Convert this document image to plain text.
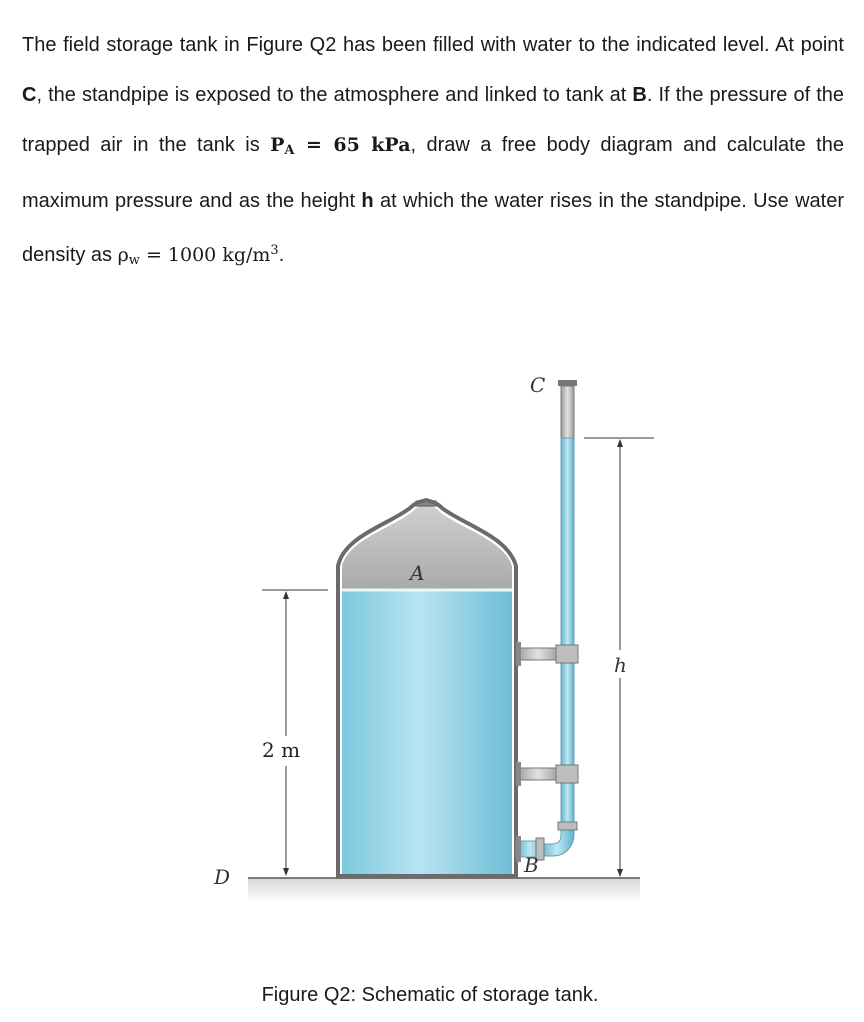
The field storage tank in Figure Q2 has been filled with water to the indicated level. At point C, the standpipe is exposed to the atmosphere and linked to tank at B. If the pressure of the trapped air in the tank is $P_A = 65$ kPa, draw a free body diagram and calculate the maximum pressure and as the height h at which the water rises in the standpipe. Use water density as $\rho_w = 1000$ $kg/m^3$.
2 m
h
A
B
C
D
Figure Q2: Schematic of storage tank.
